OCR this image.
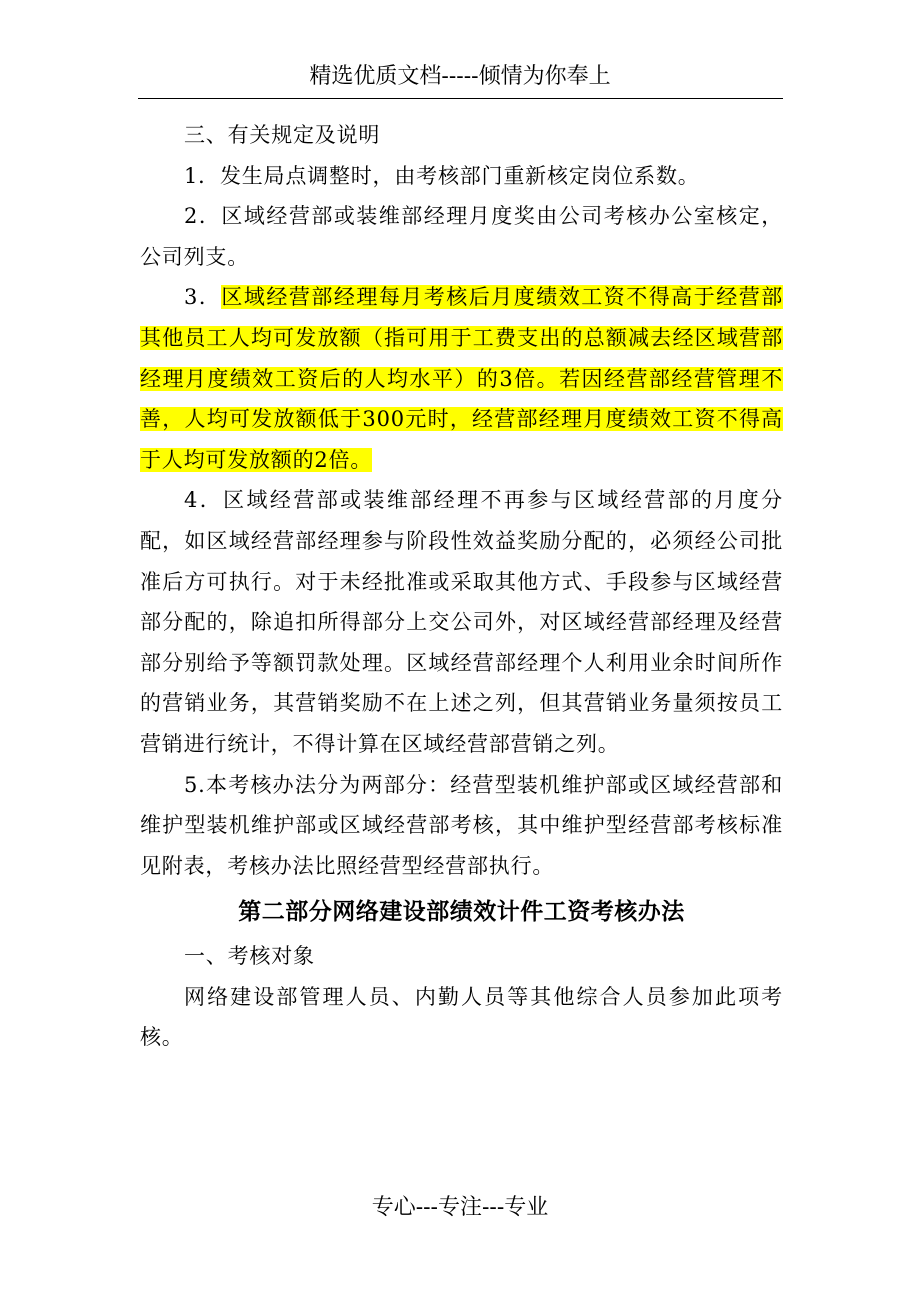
精选优质文档-----倾情为你奉上

三、有关规定及说明

1．发生局点调整时，由考核部门重新核定岗位系数。

2．区域经营部或装维部经理月度奖由公司考核办公室核定，公司列支。

3．区域经营部经理每月考核后月度绩效工资不得高于经营部其他员工人均可发放额（指可用于工费支出的总额减去经区域营部经理月度绩效工资后的人均水平）的3倍。若因经营部经营管理不善，人均可发放额低于300元时，经营部经理月度绩效工资不得高于人均可发放额的2倍。

4．区域经营部或装维部经理不再参与区域经营部的月度分配，如区域经营部经理参与阶段性效益奖励分配的，必须经公司批准后方可执行。对于未经批准或采取其他方式、手段参与区域经营部分配的，除追扣所得部分上交公司外，对区域经营部经理及经营部分别给予等额罚款处理。区域经营部经理个人利用业余时间所作的营销业务，其营销奖励不在上述之列，但其营销业务量须按员工营销进行统计，不得计算在区域经营部营销之列。

5.本考核办法分为两部分：经营型装机维护部或区域经营部和维护型装机维护部或区域经营部考核，其中维护型经营部考核标准见附表，考核办法比照经营型经营部执行。

第二部分网络建设部绩效计件工资考核办法

一、考核对象

网络建设部管理人员、内勤人员等其他综合人员参加此项考核。

专心---专注---专业
